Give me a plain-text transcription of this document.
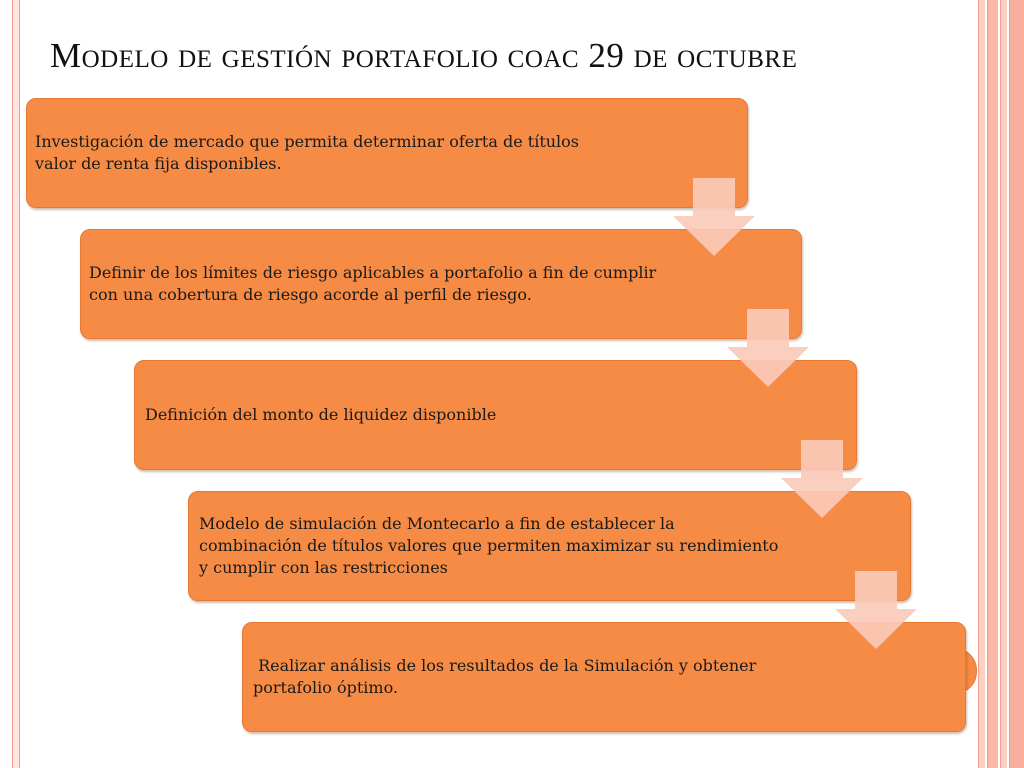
Modelo de gestión portafolio coac 29 de octubre
Investigación de mercado que permita determinar oferta de títulos valor de renta fija disponibles.
Definir de los límites de riesgo aplicables a portafolio a fin de cumplir con una cobertura de riesgo acorde al perfil de riesgo.
Definición del monto de liquidez disponible
Modelo de simulación de Montecarlo a fin de establecer la combinación de títulos valores que permiten maximizar su rendimiento y cumplir con las restricciones
Realizar análisis de los resultados de la Simulación y obtener portafolio óptimo.
